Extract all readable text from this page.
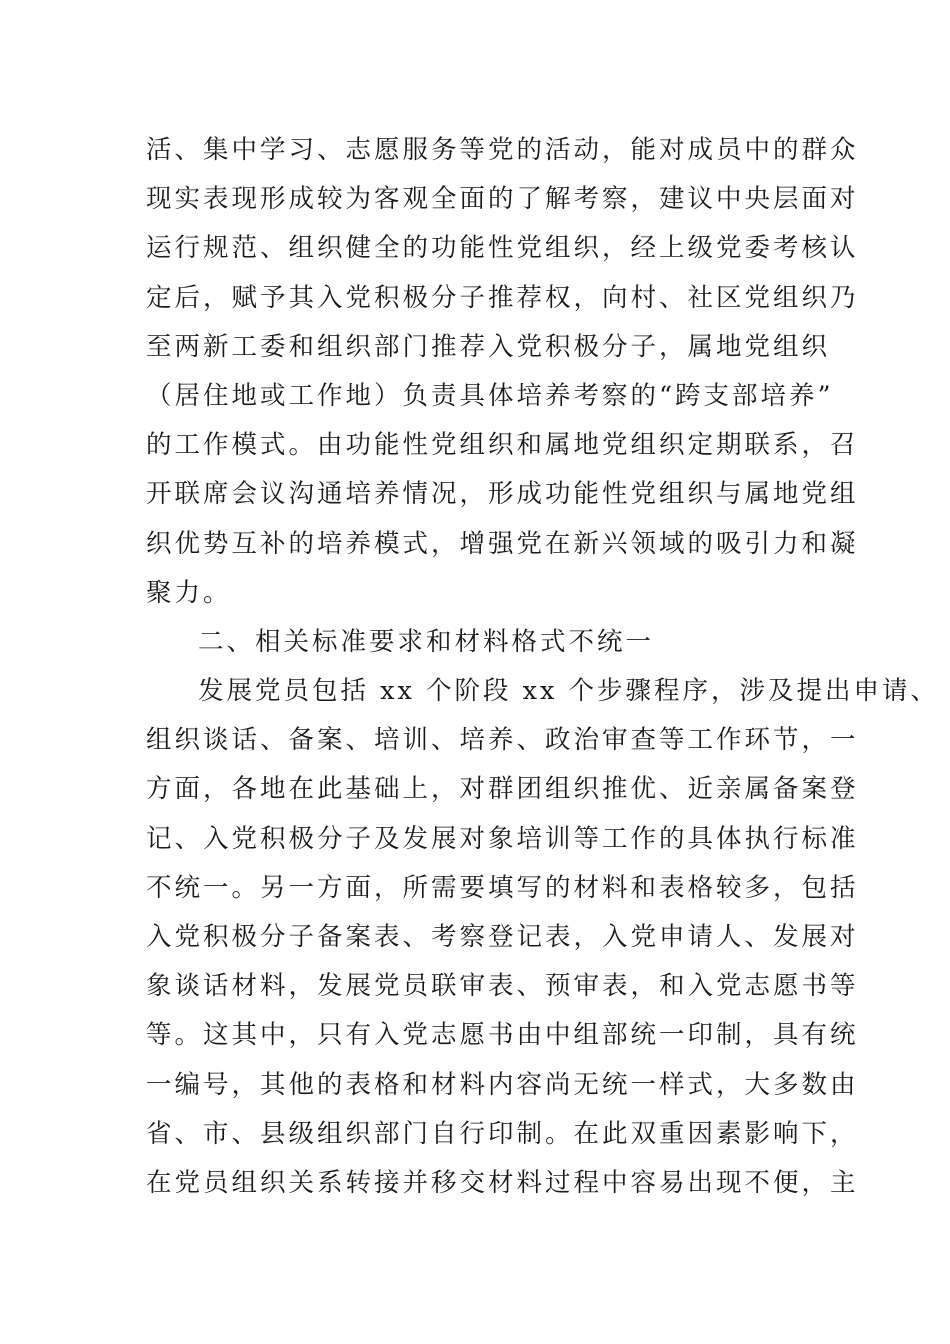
活、集中学习、志愿服务等党的活动，能对成员中的群众
现实表现形成较为客观全面的了解考察，建议中央层面对
运行规范、组织健全的功能性党组织，经上级党委考核认
定后，赋予其入党积极分子推荐权，向村、社区党组织乃
至两新工委和组织部门推荐入党积极分子，属地党组织
（居住地或工作地）负责具体培养考察的“跨支部培养”
的工作模式。由功能性党组织和属地党组织定期联系，召
开联席会议沟通培养情况，形成功能性党组织与属地党组
织优势互补的培养模式，增强党在新兴领域的吸引力和凝
聚力。
二、相关标准要求和材料格式不统一
发展党员包括 xx 个阶段 xx 个步骤程序，涉及提出申请、
组织谈话、备案、培训、培养、政治审查等工作环节，一
方面，各地在此基础上，对群团组织推优、近亲属备案登
记、入党积极分子及发展对象培训等工作的具体执行标准
不统一。另一方面，所需要填写的材料和表格较多，包括
入党积极分子备案表、考察登记表，入党申请人、发展对
象谈话材料，发展党员联审表、预审表，和入党志愿书等
等。这其中，只有入党志愿书由中组部统一印制，具有统
一编号，其他的表格和材料内容尚无统一样式，大多数由
省、市、县级组织部门自行印制。在此双重因素影响下，
在党员组织关系转接并移交材料过程中容易出现不便，主
